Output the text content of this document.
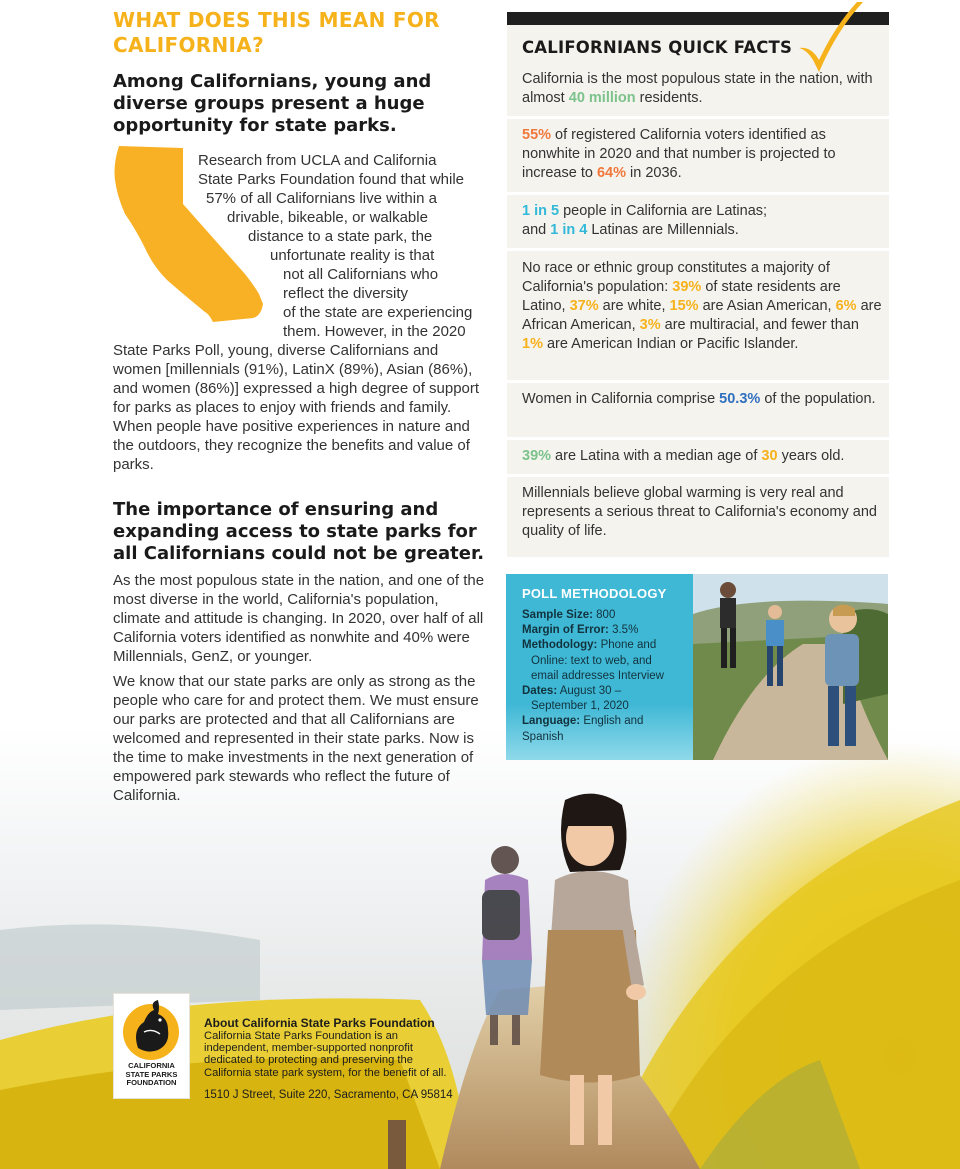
WHAT DOES THIS MEAN FOR CALIFORNIA?
Among Californians, young and diverse groups present a huge opportunity for state parks.
Research from UCLA and California
State Parks Foundation found that while
57% of all Californians live within a
drivable, bikeable, or walkable
distance to a state park, the
unfortunate reality is that
not all Californians who
reflect the diversity
of the state are experiencing
them. However, in the 2020
State Parks Poll, young, diverse Californians and women [millennials (91%), LatinX (89%), Asian (86%), and women (86%)] expressed a high degree of support for parks as places to enjoy with friends and family. When people have positive experiences in nature and the outdoors, they recognize the benefits and value of parks.
The importance of ensuring and expanding access to state parks for all Californians could not be greater.
As the most populous state in the nation, and one of the most diverse in the world, California's population, climate and attitude is changing. In 2020, over half of all California voters identified as nonwhite and 40% were Millennials, GenZ, or younger.
We know that our state parks are only as strong as the people who care for and protect them. We must ensure our parks are protected and that all Californians are welcomed and represented in their state parks. Now is the time to make investments in the next generation of empowered park stewards who reflect the future of California.
CALIFORNIANS QUICK FACTS
California is the most populous state in the nation, with almost 40 million residents.
55% of registered California voters identified as nonwhite in 2020 and that number is projected to increase to 64% in 2036.
1 in 5 people in California are Latinas;
and 1 in 4 Latinas are Millennials.
No race or ethnic group constitutes a majority of California's population: 39% of state residents are Latino, 37% are white, 15% are Asian American, 6% are African American, 3% are multiracial, and fewer than 1% are American Indian or Pacific Islander.
Women in California comprise 50.3% of the population.
39% are Latina with a median age of 30 years old.
Millennials believe global warming is very real and represents a serious threat to California's economy and quality of life.
POLL METHODOLOGY
Sample Size: 800
Margin of Error: 3.5%
Methodology: Phone and
Online: text to web, and
email addresses Interview
Dates: August 30 –
September 1, 2020
Language: English and
Spanish
CALIFORNIA
STATE PARKS
FOUNDATION
About California State Parks Foundation
California State Parks Foundation is an
independent, member-supported nonprofit
dedicated to protecting and preserving the
California state park system, for the benefit of all.
1510 J Street, Suite 220, Sacramento, CA 95814
